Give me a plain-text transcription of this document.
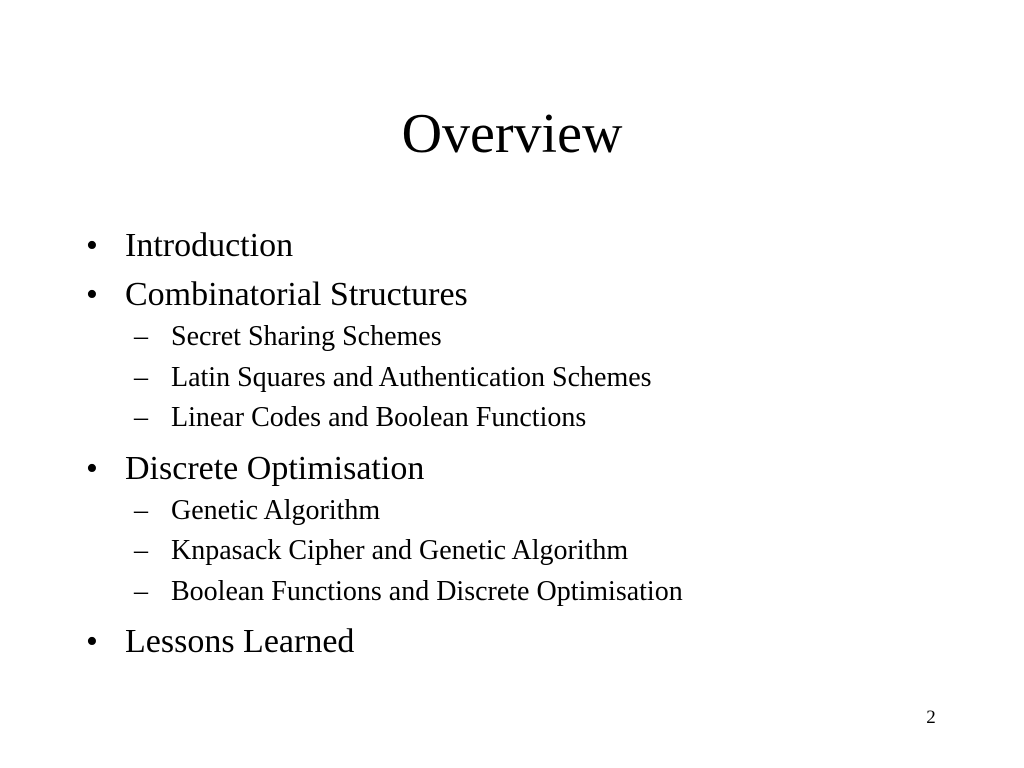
Overview
• Introduction
• Combinatorial Structures
– Secret Sharing Schemes
– Latin Squares and Authentication Schemes
– Linear Codes and Boolean Functions
• Discrete Optimisation
– Genetic Algorithm
– Knpasack Cipher and Genetic Algorithm
– Boolean Functions and Discrete Optimisation
• Lessons Learned
2
